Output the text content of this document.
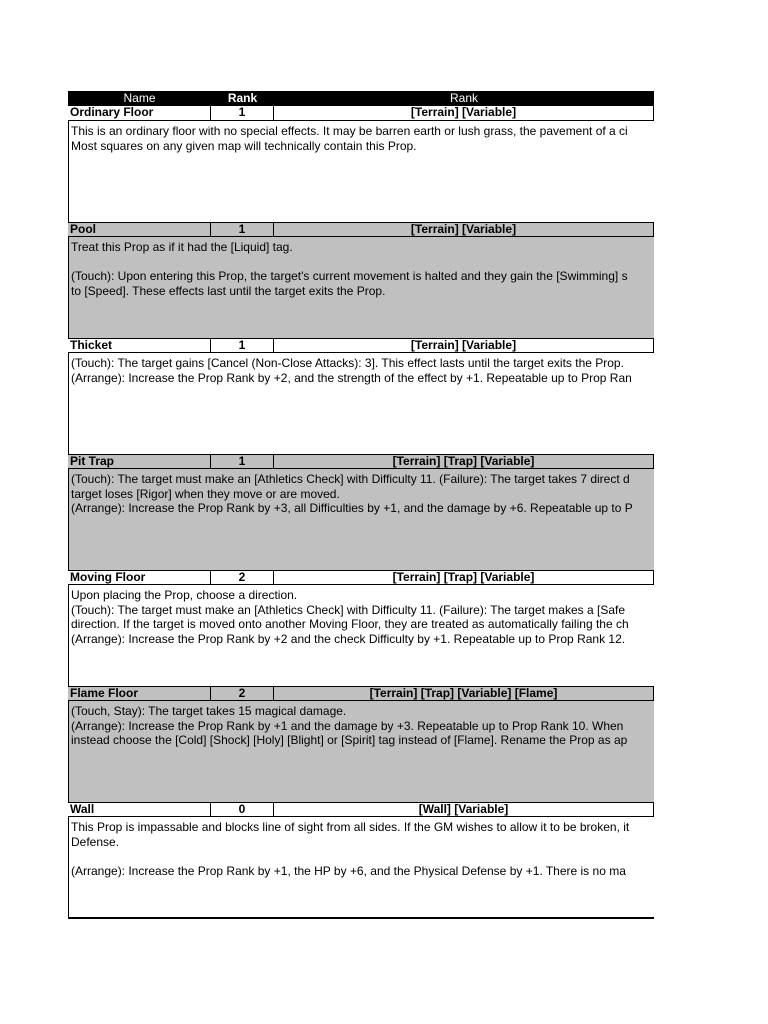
Name	Rank	Rank
Ordinary Floor	1	[Terrain] [Variable]

This is an ordinary floor with no special effects. It may be barren earth or lush grass, the pavement of a ci

Most squares on any given map will technically contain this Prop.

Pool	1	[Terrain] [Variable]

Treat this Prop as if it had the [Liquid] tag.

(Touch): Upon entering this Prop, the target's current movement is halted and they gain the [Swimming] s

to [Speed]. These effects last until the target exits the Prop.

Thicket	1	[Terrain] [Variable]

(Touch): The target gains [Cancel (Non-Close Attacks): 3]. This effect lasts until the target exits the Prop.

(Arrange): Increase the Prop Rank by +2, and the strength of the effect by +1. Repeatable up to Prop Ran

Pit Trap	1	[Terrain] [Trap] [Variable]

(Touch): The target must make an [Athletics Check] with Difficulty 11. (Failure): The target takes 7 direct d

target loses [Rigor] when they move or are moved.

(Arrange): Increase the Prop Rank by +3, all Difficulties by +1, and the damage by +6. Repeatable up to P

Moving Floor	2	[Terrain] [Trap] [Variable]

Upon placing the Prop, choose a direction.

(Touch): The target must make an [Athletics Check] with Difficulty 11. (Failure): The target makes a [Safe

direction. If the target is moved onto another Moving Floor, they are treated as automatically failing the ch

(Arrange): Increase the Prop Rank by +2 and the check Difficulty by +1. Repeatable up to Prop Rank 12.

Flame Floor	2	[Terrain] [Trap] [Variable] [Flame]

(Touch, Stay): The target takes 15 magical damage.

(Arrange): Increase the Prop Rank by +1 and the damage by +3. Repeatable up to Prop Rank 10. When

instead choose the [Cold] [Shock] [Holy] [Blight] or [Spirit] tag instead of [Flame]. Rename the Prop as ap

Wall	0	[Wall] [Variable]

This Prop is impassable and blocks line of sight from all sides. If the GM wishes to allow it to be broken, it

Defense.

(Arrange): Increase the Prop Rank by +1, the HP by +6, and the Physical Defense by +1. There is no ma
